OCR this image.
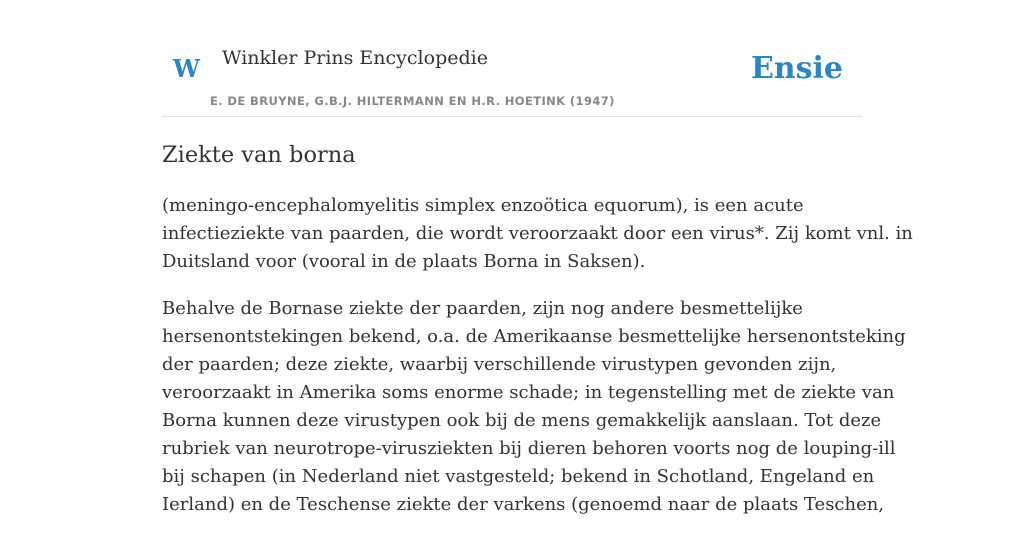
W Winkler Prins Encyclopedie
E. DE BRUYNE, G.B.J. HILTERMANN EN H.R. HOETINK (1947)
Ensie
Ziekte van borna

(meningo-encephalomyelitis simplex enzoötica equorum), is een acute
infectieziekte van paarden, die wordt veroorzaakt door een virus*. Zij komt vnl. in
Duitsland voor (vooral in de plaats Borna in Saksen).

Behalve de Bornase ziekte der paarden, zijn nog andere besmettelijke
hersenontstekingen bekend, o.a. de Amerikaanse besmettelijke hersenontsteking
der paarden; deze ziekte, waarbij verschillende virustypen gevonden zijn,
veroorzaakt in Amerika soms enorme schade; in tegenstelling met de ziekte van
Borna kunnen deze virustypen ook bij de mens gemakkelijk aanslaan. Tot deze
rubriek van neurotrope-virusziekten bij dieren behoren voorts nog de louping-ill
bij schapen (in Nederland niet vastgesteld; bekend in Schotland, Engeland en
Ierland) en de Teschense ziekte der varkens (genoemd naar de plaats Teschen,
